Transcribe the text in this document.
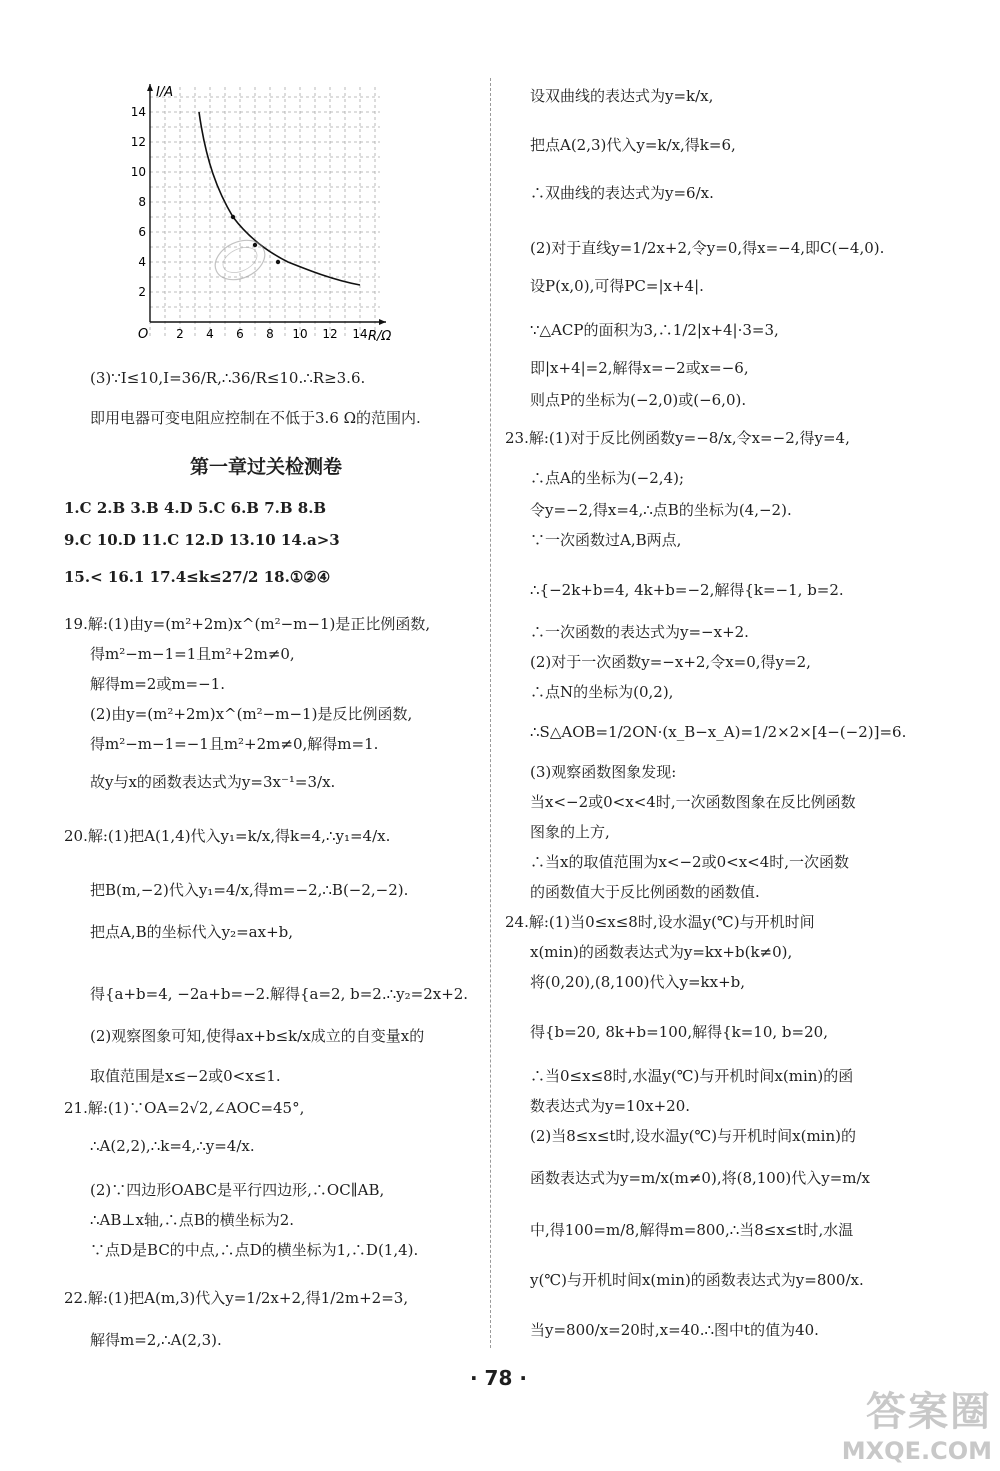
I/A
R/Ω
O
2
4
6
8
10
12
14
2 4 6 8 10 12 14
(3)∵I≤10,I=36/R,∴36/R≤10.∴R≥3.6.
即用电器可变电阻应控制在不低于3.6 Ω的范围内.
第一章过关检测卷
1.C 2.B 3.B 4.D 5.C 6.B 7.B 8.B
9.C 10.D 11.C 12.D 13.10 14.a>3
15.< 16.1 17.4≤k≤27/2 18.①②④
19.解:(1)由y=(m²+2m)x^(m²−m−1)是正比例函数,
得m²−m−1=1且m²+2m≠0,
解得m=2或m=−1.
(2)由y=(m²+2m)x^(m²−m−1)是反比例函数,
得m²−m−1=−1且m²+2m≠0,解得m=1.
故y与x的函数表达式为y=3x⁻¹=3/x.
20.解:(1)把A(1,4)代入y₁=k/x,得k=4,∴y₁=4/x.
把B(m,−2)代入y₁=4/x,得m=−2,∴B(−2,−2).
把点A,B的坐标代入y₂=ax+b,
得{a+b=4, −2a+b=−2.解得{a=2, b=2.∴y₂=2x+2.
(2)观察图象可知,使得ax+b≤k/x成立的自变量x的
取值范围是x≤−2或0<x≤1.
21.解:(1)∵OA=2√2,∠AOC=45°,
∴A(2,2),∴k=4,∴y=4/x.
(2)∵四边形OABC是平行四边形,∴OC∥AB,
∴AB⊥x轴,∴点B的横坐标为2.
∵点D是BC的中点,∴点D的横坐标为1,∴D(1,4).
22.解:(1)把A(m,3)代入y=1/2x+2,得1/2m+2=3,
解得m=2,∴A(2,3).
设双曲线的表达式为y=k/x,
把点A(2,3)代入y=k/x,得k=6,
∴双曲线的表达式为y=6/x.
(2)对于直线y=1/2x+2,令y=0,得x=−4,即C(−4,0).
设P(x,0),可得PC=|x+4|.
∵△ACP的面积为3,∴1/2|x+4|·3=3,
即|x+4|=2,解得x=−2或x=−6,
则点P的坐标为(−2,0)或(−6,0).
23.解:(1)对于反比例函数y=−8/x,令x=−2,得y=4,
∴点A的坐标为(−2,4);
令y=−2,得x=4,∴点B的坐标为(4,−2).
∵一次函数过A,B两点,
∴{−2k+b=4, 4k+b=−2,解得{k=−1, b=2.
∴一次函数的表达式为y=−x+2.
(2)对于一次函数y=−x+2,令x=0,得y=2,
∴点N的坐标为(0,2),
∴S△AOB=1/2ON·(x_B−x_A)=1/2×2×[4−(−2)]=6.
(3)观察函数图象发现:
当x<−2或0<x<4时,一次函数图象在反比例函数
图象的上方,
∴当x的取值范围为x<−2或0<x<4时,一次函数
的函数值大于反比例函数的函数值.
24.解:(1)当0≤x≤8时,设水温y(℃)与开机时间
x(min)的函数表达式为y=kx+b(k≠0),
将(0,20),(8,100)代入y=kx+b,
得{b=20, 8k+b=100,解得{k=10, b=20,
∴当0≤x≤8时,水温y(℃)与开机时间x(min)的函
数表达式为y=10x+20.
(2)当8≤x≤t时,设水温y(℃)与开机时间x(min)的
函数表达式为y=m/x(m≠0),将(8,100)代入y=m/x
中,得100=m/8,解得m=800,∴当8≤x≤t时,水温
y(℃)与开机时间x(min)的函数表达式为y=800/x.
当y=800/x=20时,x=40.∴图中t的值为40.
· 78 ·
答案圈
MXQE.COM
